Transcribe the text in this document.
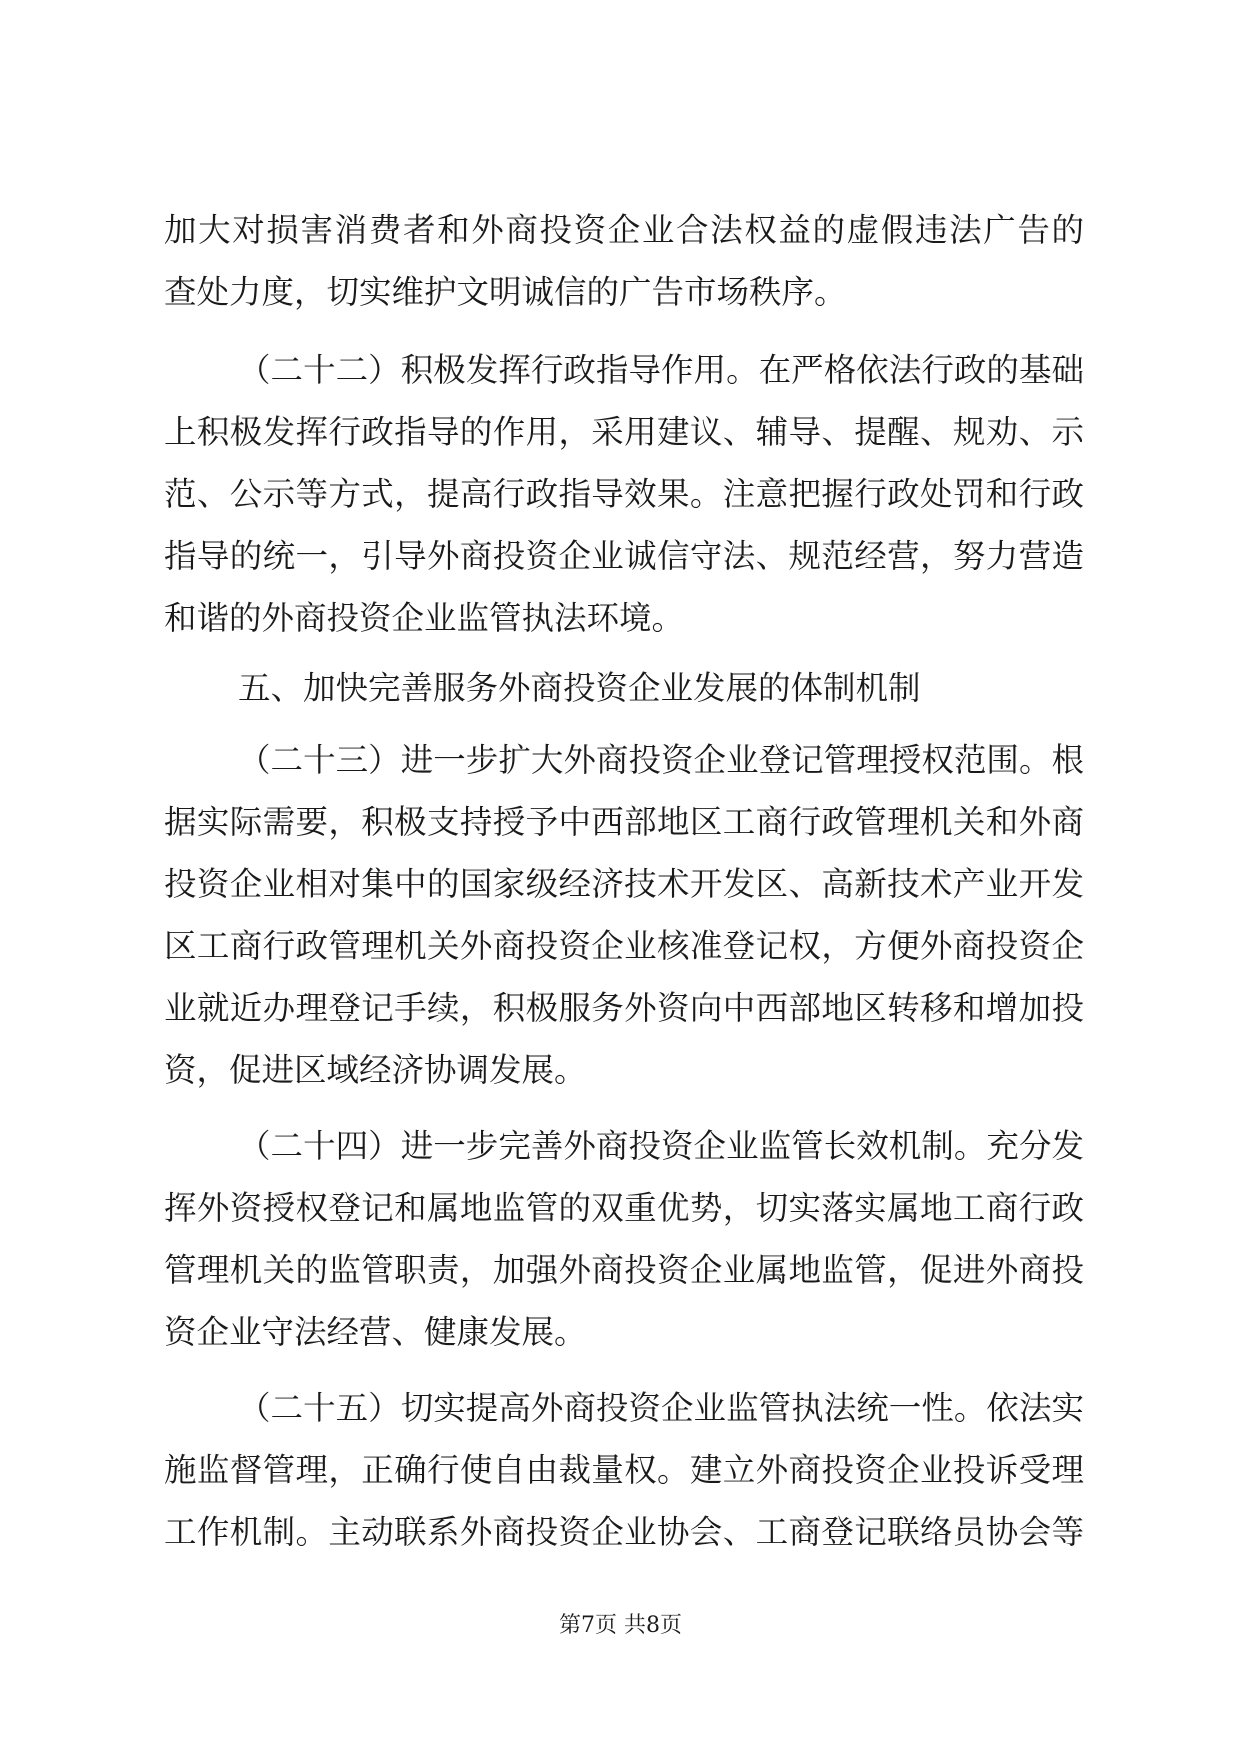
加大对损害消费者和外商投资企业合法权益的虚假违法广告的
查处力度，切实维护文明诚信的广告市场秩序。
（二十二）积极发挥行政指导作用。在严格依法行政的基础
上积极发挥行政指导的作用，采用建议、辅导、提醒、规劝、示
范、公示等方式，提高行政指导效果。注意把握行政处罚和行政
指导的统一，引导外商投资企业诚信守法、规范经营，努力营造
和谐的外商投资企业监管执法环境。
五、加快完善服务外商投资企业发展的体制机制
（二十三）进一步扩大外商投资企业登记管理授权范围。根
据实际需要，积极支持授予中西部地区工商行政管理机关和外商
投资企业相对集中的国家级经济技术开发区、高新技术产业开发
区工商行政管理机关外商投资企业核准登记权，方便外商投资企
业就近办理登记手续，积极服务外资向中西部地区转移和增加投
资，促进区域经济协调发展。
（二十四）进一步完善外商投资企业监管长效机制。充分发
挥外资授权登记和属地监管的双重优势，切实落实属地工商行政
管理机关的监管职责，加强外商投资企业属地监管，促进外商投
资企业守法经营、健康发展。
（二十五）切实提高外商投资企业监管执法统一性。依法实
施监督管理，正确行使自由裁量权。建立外商投资企业投诉受理
工作机制。主动联系外商投资企业协会、工商登记联络员协会等
第7页 共8页
